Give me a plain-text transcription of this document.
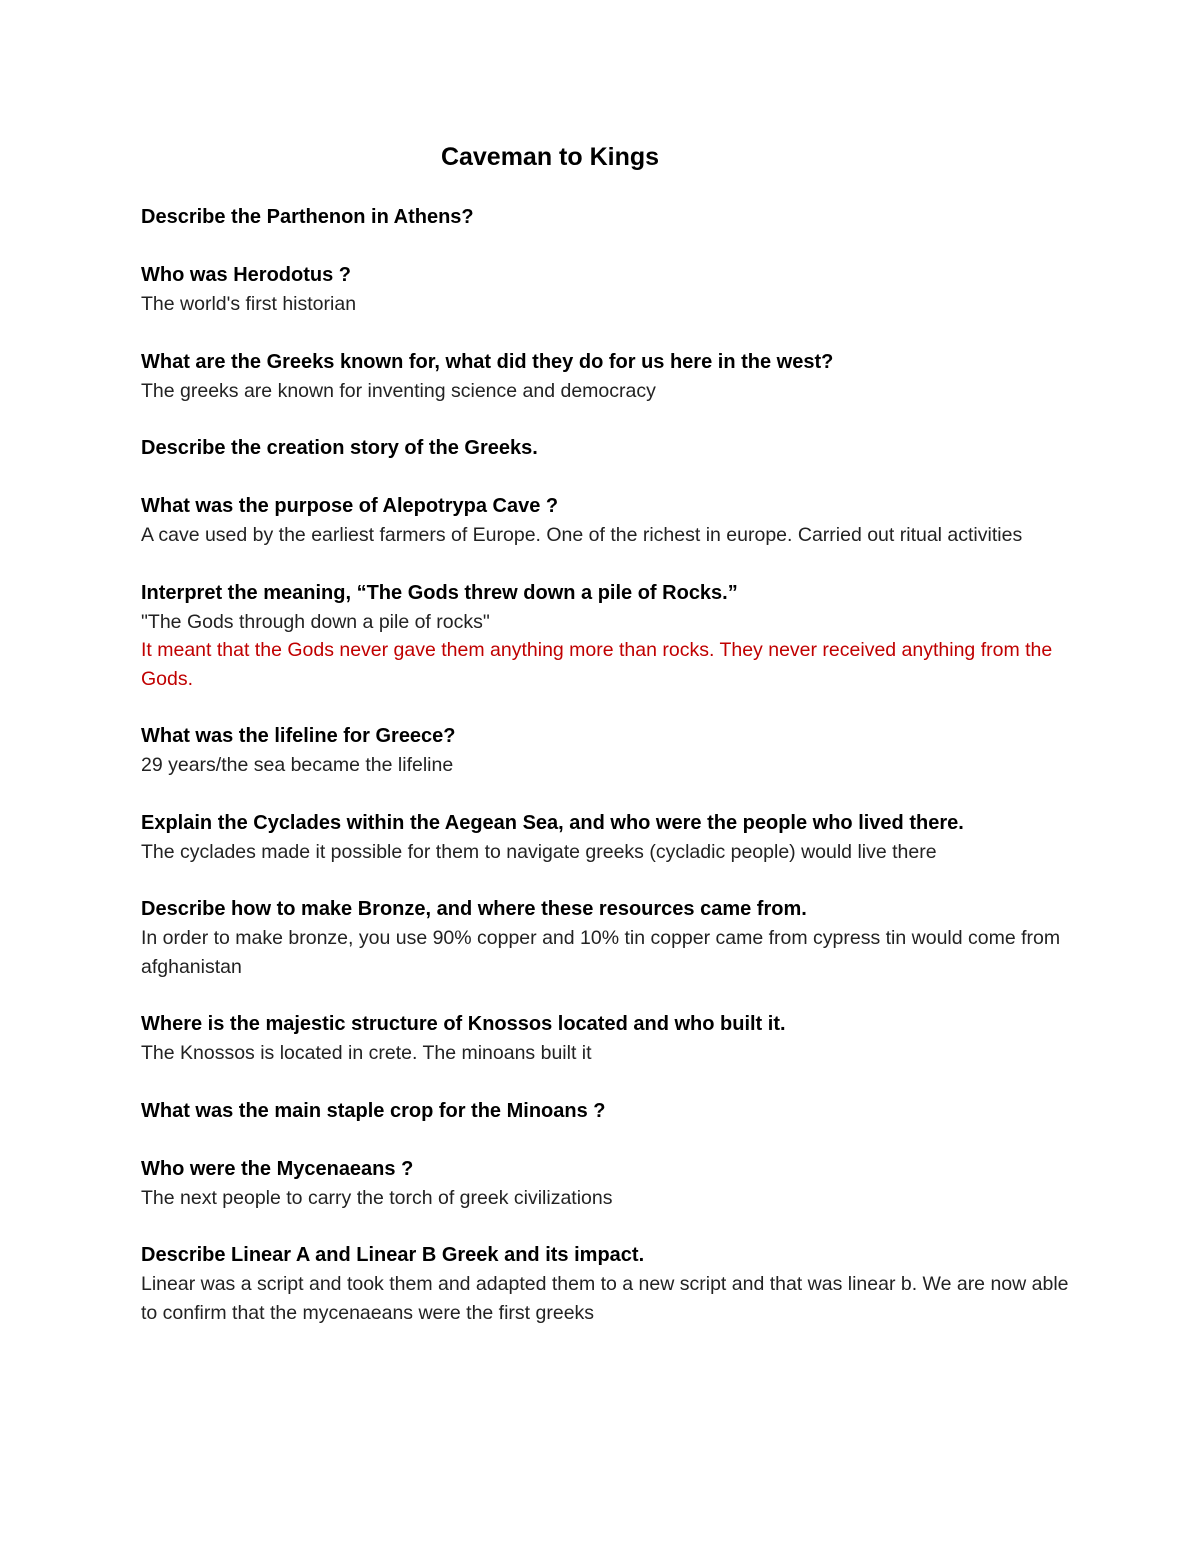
Caveman to Kings

Describe the Parthenon in Athens?

Who was Herodotus ?

The world's first historian

What are the Greeks known for, what did they do for us here in the west?

The greeks are known for inventing science and democracy

Describe the creation story of the Greeks.

What was the purpose of Alepotrypa Cave ?

A cave used by the earliest farmers of Europe. One of the richest in europe. Carried out ritual activities

Interpret the meaning, “The Gods threw down a pile of Rocks.”

"The Gods through down a pile of rocks"

It meant that the Gods never gave them anything more than rocks. They never received anything from the Gods.

What was the lifeline for Greece?

29 years/the sea became the lifeline

Explain the Cyclades within the Aegean Sea, and who were the people who lived there.

The cyclades made it possible for them to navigate greeks (cycladic people) would live there

Describe how to make Bronze, and where these resources came from.

In order to make bronze, you use 90% copper and 10% tin copper came from cypress tin would come from afghanistan

Where is the majestic structure of Knossos located and who built it.

The Knossos is located in crete. The minoans built it

What was the main staple crop for the Minoans ?

Who were the Mycenaeans ?

The next people to carry the torch of greek civilizations

Describe Linear A and Linear B Greek and its impact.

Linear was a script and took them and adapted them to a new script and that was linear b. We are now able to confirm that the mycenaeans were the first greeks
